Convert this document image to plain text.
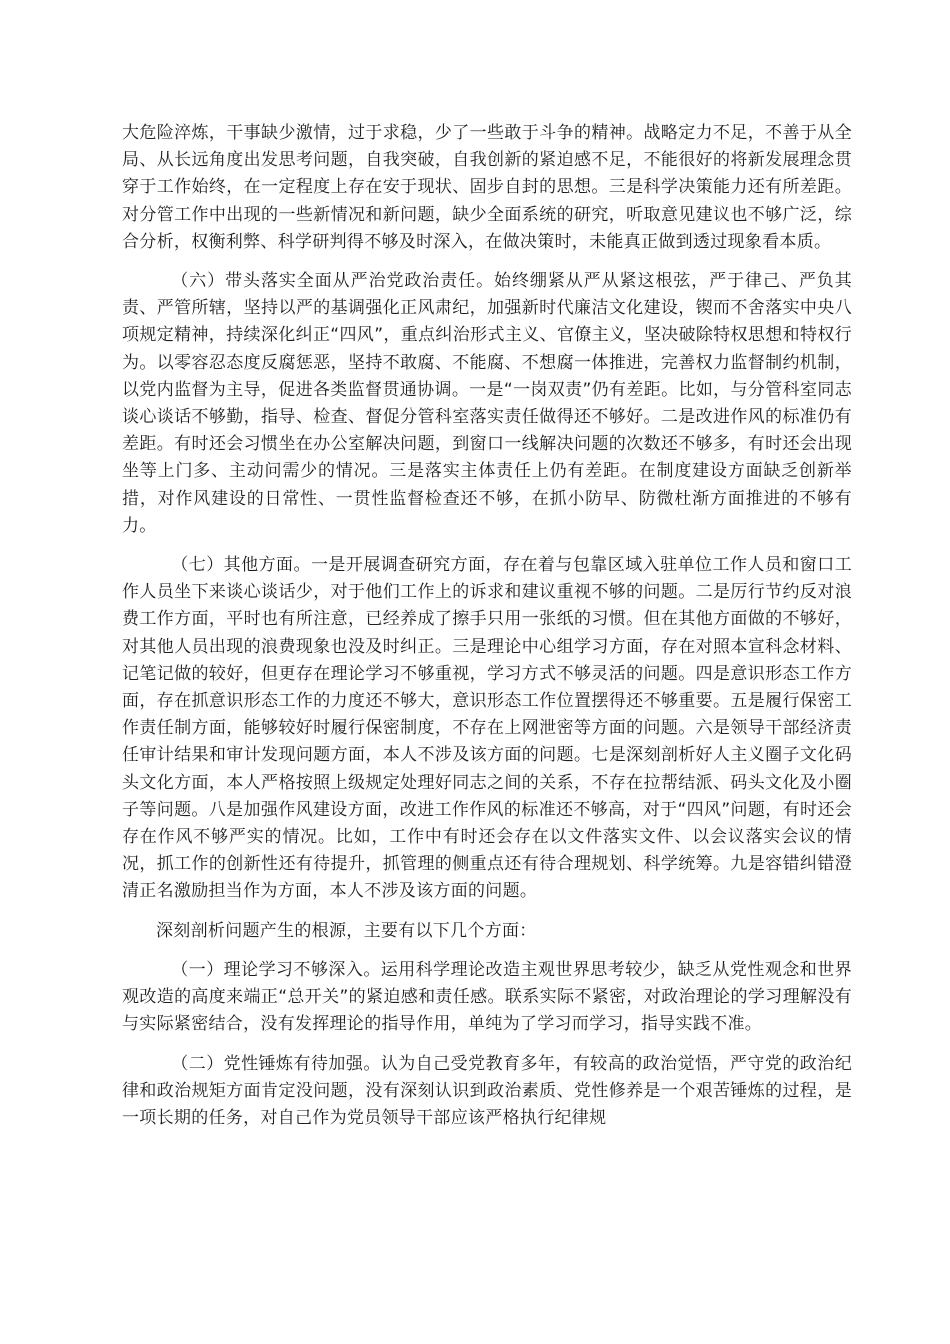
大危险淬炼，干事缺少激情，过于求稳，少了一些敢于斗争的精神。战略定力不足，不善于从全局、从长远角度出发思考问题，自我突破，自我创新的紧迫感不足，不能很好的将新发展理念贯穿于工作始终，在一定程度上存在安于现状、固步自封的思想。三是科学决策能力还有所差距。对分管工作中出现的一些新情况和新问题，缺少全面系统的研究，听取意见建议也不够广泛，综合分析，权衡利弊、科学研判得不够及时深入，在做决策时，未能真正做到透过现象看本质。

（六）带头落实全面从严治党政治责任。始终绷紧从严从紧这根弦，严于律己、严负其责、严管所辖，坚持以严的基调强化正风肃纪，加强新时代廉洁文化建设，锲而不舍落实中央八项规定精神，持续深化纠正“四风”，重点纠治形式主义、官僚主义，坚决破除特权思想和特权行为。以零容忍态度反腐惩恶，坚持不敢腐、不能腐、不想腐一体推进，完善权力监督制约机制，以党内监督为主导，促进各类监督贯通协调。一是“一岗双责”仍有差距。比如，与分管科室同志谈心谈话不够勤，指导、检查、督促分管科室落实责任做得还不够好。二是改进作风的标准仍有差距。有时还会习惯坐在办公室解决问题，到窗口一线解决问题的次数还不够多，有时还会出现坐等上门多、主动问需少的情况。三是落实主体责任上仍有差距。在制度建设方面缺乏创新举措，对作风建设的日常性、一贯性监督检查还不够，在抓小防早、防微杜渐方面推进的不够有力。

（七）其他方面。一是开展调查研究方面，存在着与包靠区域入驻单位工作人员和窗口工作人员坐下来谈心谈话少，对于他们工作上的诉求和建议重视不够的问题。二是厉行节约反对浪费工作方面，平时也有所注意，已经养成了擦手只用一张纸的习惯。但在其他方面做的不够好，对其他人员出现的浪费现象也没及时纠正。三是理论中心组学习方面，存在对照本宣科念材料、记笔记做的较好，但更存在理论学习不够重视，学习方式不够灵活的问题。四是意识形态工作方面，存在抓意识形态工作的力度还不够大，意识形态工作位置摆得还不够重要。五是履行保密工作责任制方面，能够较好时履行保密制度，不存在上网泄密等方面的问题。六是领导干部经济责任审计结果和审计发现问题方面，本人不涉及该方面的问题。七是深刻剖析好人主义圈子文化码头文化方面，本人严格按照上级规定处理好同志之间的关系，不存在拉帮结派、码头文化及小圈子等问题。八是加强作风建设方面，改进工作作风的标准还不够高，对于“四风”问题，有时还会存在作风不够严实的情况。比如，工作中有时还会存在以文件落实文件、以会议落实会议的情况，抓工作的创新性还有待提升，抓管理的侧重点还有待合理规划、科学统筹。九是容错纠错澄清正名激励担当作为方面，本人不涉及该方面的问题。

深刻剖析问题产生的根源，主要有以下几个方面：

（一）理论学习不够深入。运用科学理论改造主观世界思考较少，缺乏从党性观念和世界观改造的高度来端正“总开关”的紧迫感和责任感。联系实际不紧密，对政治理论的学习理解没有与实际紧密结合，没有发挥理论的指导作用，单纯为了学习而学习，指导实践不准。

（二）党性锤炼有待加强。认为自己受党教育多年，有较高的政治觉悟，严守党的政治纪律和政治规矩方面肯定没问题，没有深刻认识到政治素质、党性修养是一个艰苦锤炼的过程，是一项长期的任务，对自己作为党员领导干部应该严格执行纪律规
